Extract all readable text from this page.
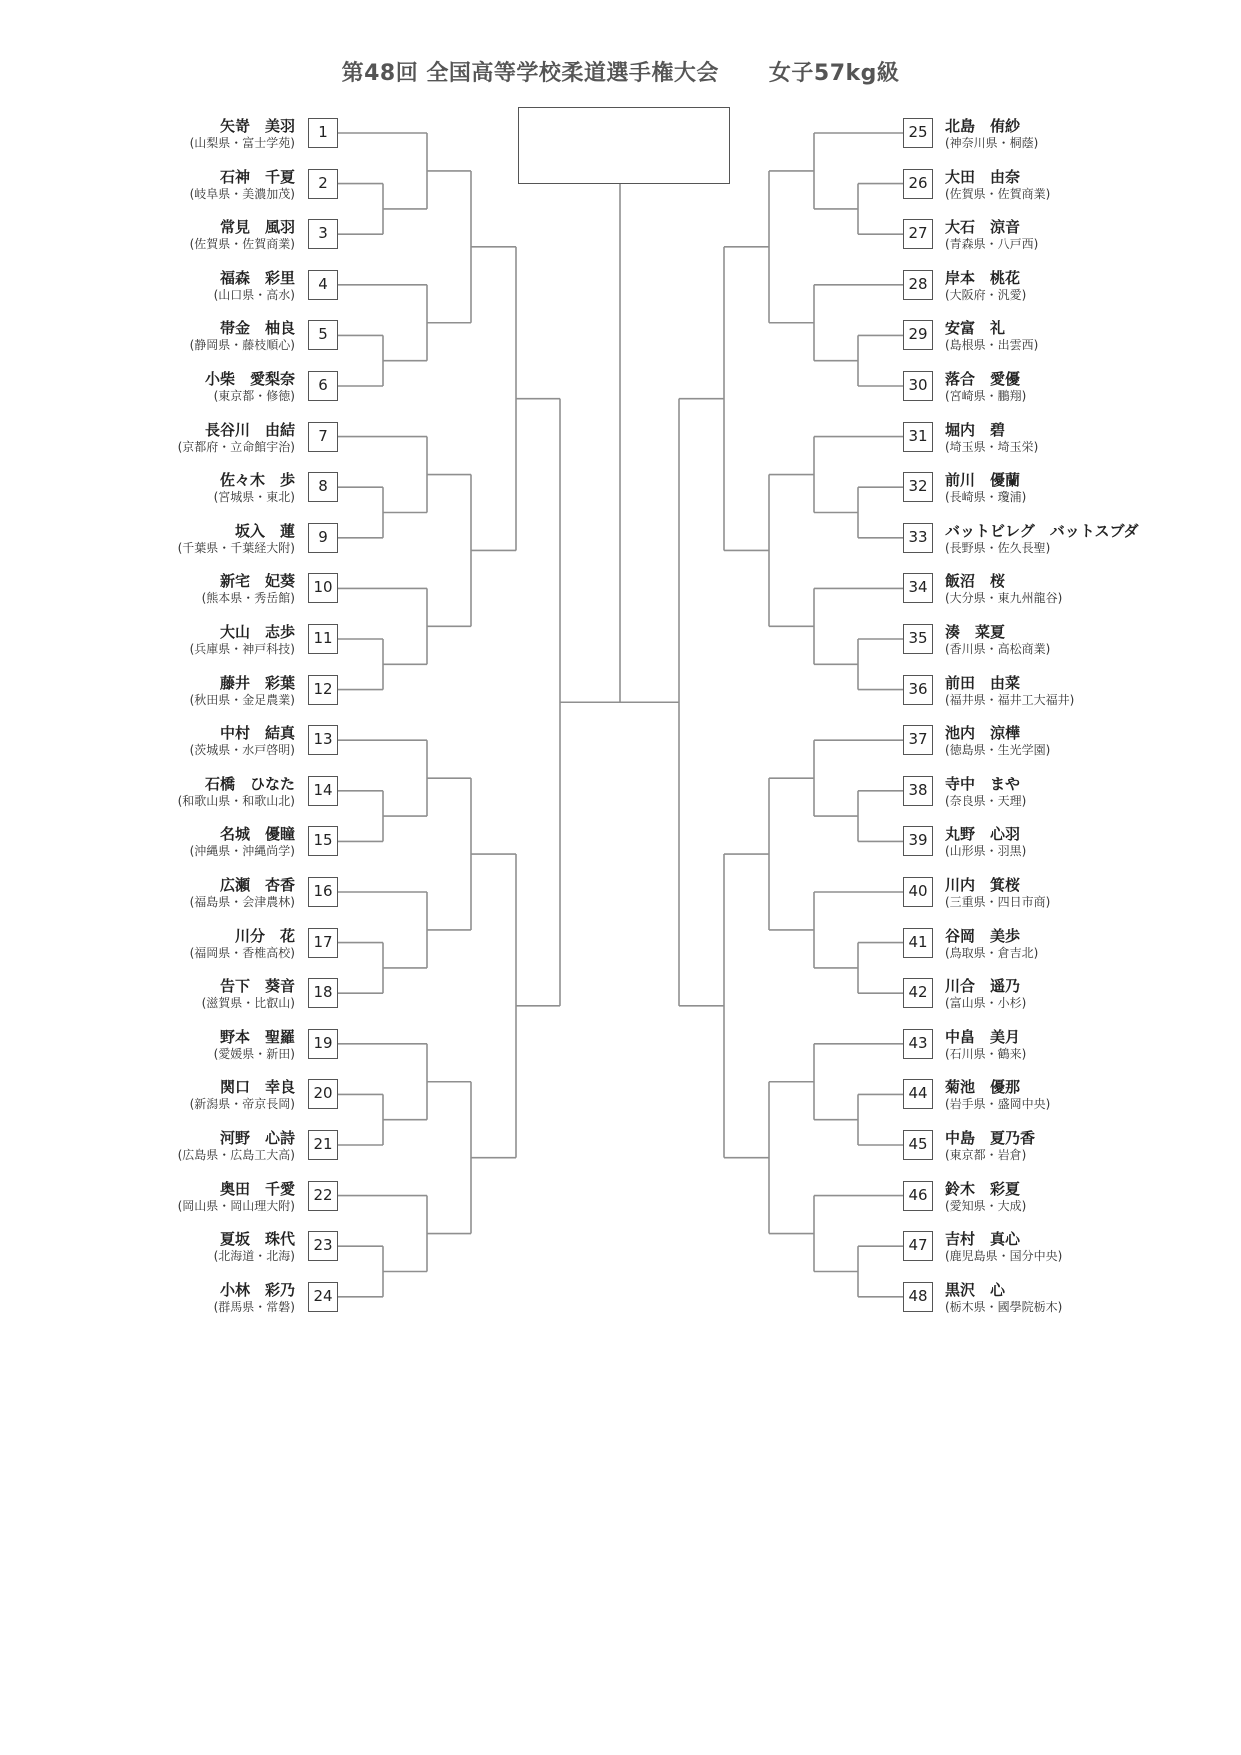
第48回 全国高等学校柔道選手権大会 女子57kg級
矢嵜　美羽
(山梨県・富士学苑)
1
石神　千夏
(岐阜県・美濃加茂)
2
常見　風羽
(佐賀県・佐賀商業)
3
福森　彩里
(山口県・高水)
4
帯金　柚良
(静岡県・藤枝順心)
5
小柴　愛梨奈
(東京都・修徳)
6
長谷川　由結
(京都府・立命館宇治)
7
佐々木　歩
(宮城県・東北)
8
坂入　蓮
(千葉県・千葉経大附)
9
新宅　妃葵
(熊本県・秀岳館)
10
大山　志歩
(兵庫県・神戸科技)
11
藤井　彩葉
(秋田県・金足農業)
12
中村　結真
(茨城県・水戸啓明)
13
石橋　ひなた
(和歌山県・和歌山北)
14
名城　優瞳
(沖縄県・沖縄尚学)
15
広瀬　杏香
(福島県・会津農林)
16
川分　花
(福岡県・香椎高校)
17
告下　葵音
(滋賀県・比叡山)
18
野本　聖羅
(愛媛県・新田)
19
関口　幸良
(新潟県・帝京長岡)
20
河野　心詩
(広島県・広島工大高)
21
奥田　千愛
(岡山県・岡山理大附)
22
夏坂　珠代
(北海道・北海)
23
小林　彩乃
(群馬県・常磐)
24
北島　侑紗
(神奈川県・桐蔭)
25
大田　由奈
(佐賀県・佐賀商業)
26
大石　涼音
(青森県・八戸西)
27
岸本　桃花
(大阪府・汎愛)
28
安富　礼
(島根県・出雲西)
29
落合　愛優
(宮崎県・鵬翔)
30
堀内　碧
(埼玉県・埼玉栄)
31
前川　優蘭
(長崎県・瓊浦)
32
バットビレグ　バットスブダ
(長野県・佐久長聖)
33
飯沼　桜
(大分県・東九州龍谷)
34
湊　菜夏
(香川県・高松商業)
35
前田　由菜
(福井県・福井工大福井)
36
池内　涼樺
(徳島県・生光学園)
37
寺中　まや
(奈良県・天理)
38
丸野　心羽
(山形県・羽黒)
39
川内　箕桜
(三重県・四日市商)
40
谷岡　美歩
(鳥取県・倉吉北)
41
川合　遥乃
(富山県・小杉)
42
中畠　美月
(石川県・鶴来)
43
菊池　優那
(岩手県・盛岡中央)
44
中島　夏乃香
(東京都・岩倉)
45
鈴木　彩夏
(愛知県・大成)
46
吉村　真心
(鹿児島県・国分中央)
47
黒沢　心
(栃木県・國學院栃木)
48
